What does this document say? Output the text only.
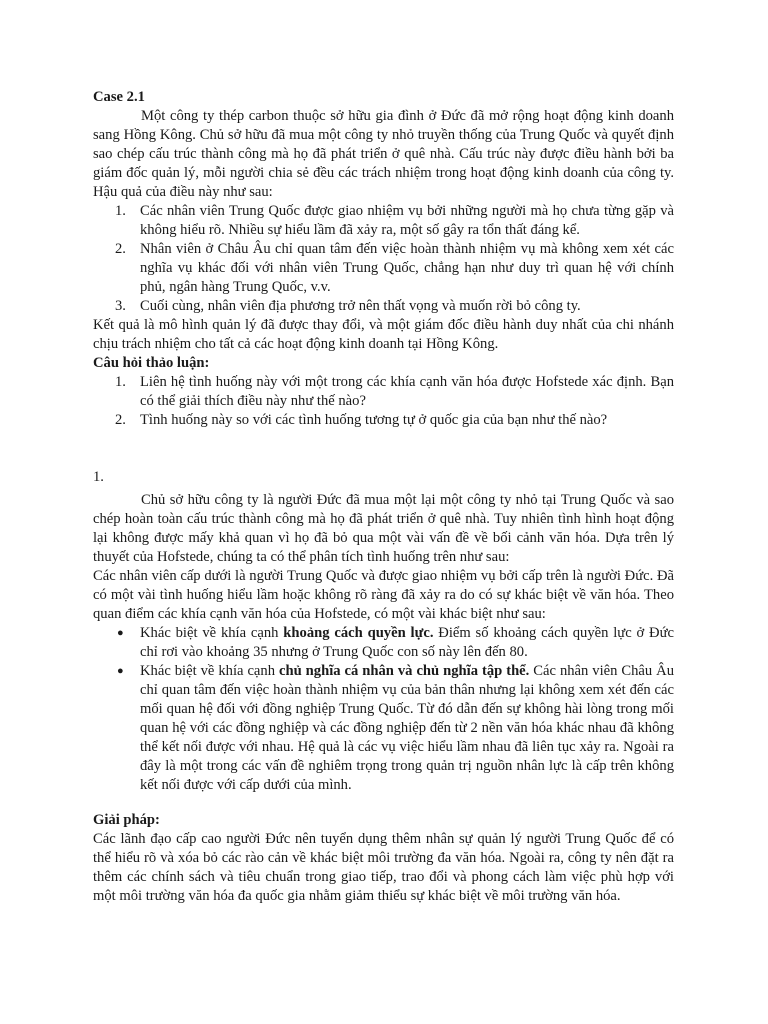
Case 2.1

Một công ty thép carbon thuộc sở hữu gia đình ở Đức đã mở rộng hoạt động kinh doanh sang Hồng Kông. Chủ sở hữu đã mua một công ty nhỏ truyền thống của Trung Quốc và quyết định sao chép cấu trúc thành công mà họ đã phát triển ở quê nhà. Cấu trúc này được điều hành bởi ba giám đốc quản lý, mỗi người chia sẻ đều các trách nhiệm trong hoạt động kinh doanh của công ty. Hậu quả của điều này như sau:

1. Các nhân viên Trung Quốc được giao nhiệm vụ bởi những người mà họ chưa từng gặp và không hiểu rõ. Nhiều sự hiểu lầm đã xảy ra, một số gây ra tổn thất đáng kể.
2. Nhân viên ở Châu Âu chỉ quan tâm đến việc hoàn thành nhiệm vụ mà không xem xét các nghĩa vụ khác đối với nhân viên Trung Quốc, chẳng hạn như duy trì quan hệ với chính phủ, ngân hàng Trung Quốc, v.v.
3. Cuối cùng, nhân viên địa phương trở nên thất vọng và muốn rời bỏ công ty.

Kết quả là mô hình quản lý đã được thay đổi, và một giám đốc điều hành duy nhất của chi nhánh chịu trách nhiệm cho tất cả các hoạt động kinh doanh tại Hồng Kông.

Câu hỏi thảo luận:

1. Liên hệ tình huống này với một trong các khía cạnh văn hóa được Hofstede xác định. Bạn có thể giải thích điều này như thế nào?
2. Tình huống này so với các tình huống tương tự ở quốc gia của bạn như thế nào?

1.

Chủ sở hữu công ty là người Đức đã mua một lại một công ty nhỏ tại Trung Quốc và sao chép hoàn toàn cấu trúc thành công mà họ đã phát triển ở quê nhà. Tuy nhiên tình hình hoạt động lại không được mấy khả quan vì họ đã bỏ qua một vài vấn đề về bối cảnh văn hóa. Dựa trên lý thuyết của Hofstede, chúng ta có thể phân tích tình huống trên như sau:

Các nhân viên cấp dưới là người Trung Quốc và được giao nhiệm vụ bởi cấp trên là người Đức. Đã có một vài tình huống hiểu lầm hoặc không rõ ràng đã xảy ra do có sự khác biệt về văn hóa. Theo quan điểm các khía cạnh văn hóa của Hofstede, có một vài khác biệt như sau:

● Khác biệt về khía cạnh khoảng cách quyền lực. Điểm số khoảng cách quyền lực ở Đức chỉ rơi vào khoảng 35 nhưng ở Trung Quốc con số này lên đến 80.
● Khác biệt về khía cạnh chủ nghĩa cá nhân và chủ nghĩa tập thể. Các nhân viên Châu Âu chỉ quan tâm đến việc hoàn thành nhiệm vụ của bản thân nhưng lại không xem xét đến các mối quan hệ đối với đồng nghiệp Trung Quốc. Từ đó dẫn đến sự không hài lòng trong mối quan hệ với các đồng nghiệp và các đồng nghiệp đến từ 2 nền văn hóa khác nhau đã không thể kết nối được với nhau. Hệ quả là các vụ việc hiểu lầm nhau đã liên tục xảy ra. Ngoài ra đây là một trong các vấn đề nghiêm trọng trong quản trị nguồn nhân lực là cấp trên không kết nối được với cấp dưới của mình.

Giải pháp:

Các lãnh đạo cấp cao người Đức nên tuyển dụng thêm nhân sự quản lý người Trung Quốc để có thể hiểu rõ và xóa bỏ các rào cản về khác biệt môi trường đa văn hóa. Ngoài ra, công ty nên đặt ra thêm các chính sách và tiêu chuẩn trong giao tiếp, trao đổi và phong cách làm việc phù hợp với một môi trường văn hóa đa quốc gia nhằm giảm thiểu sự khác biệt về môi trường văn hóa.
